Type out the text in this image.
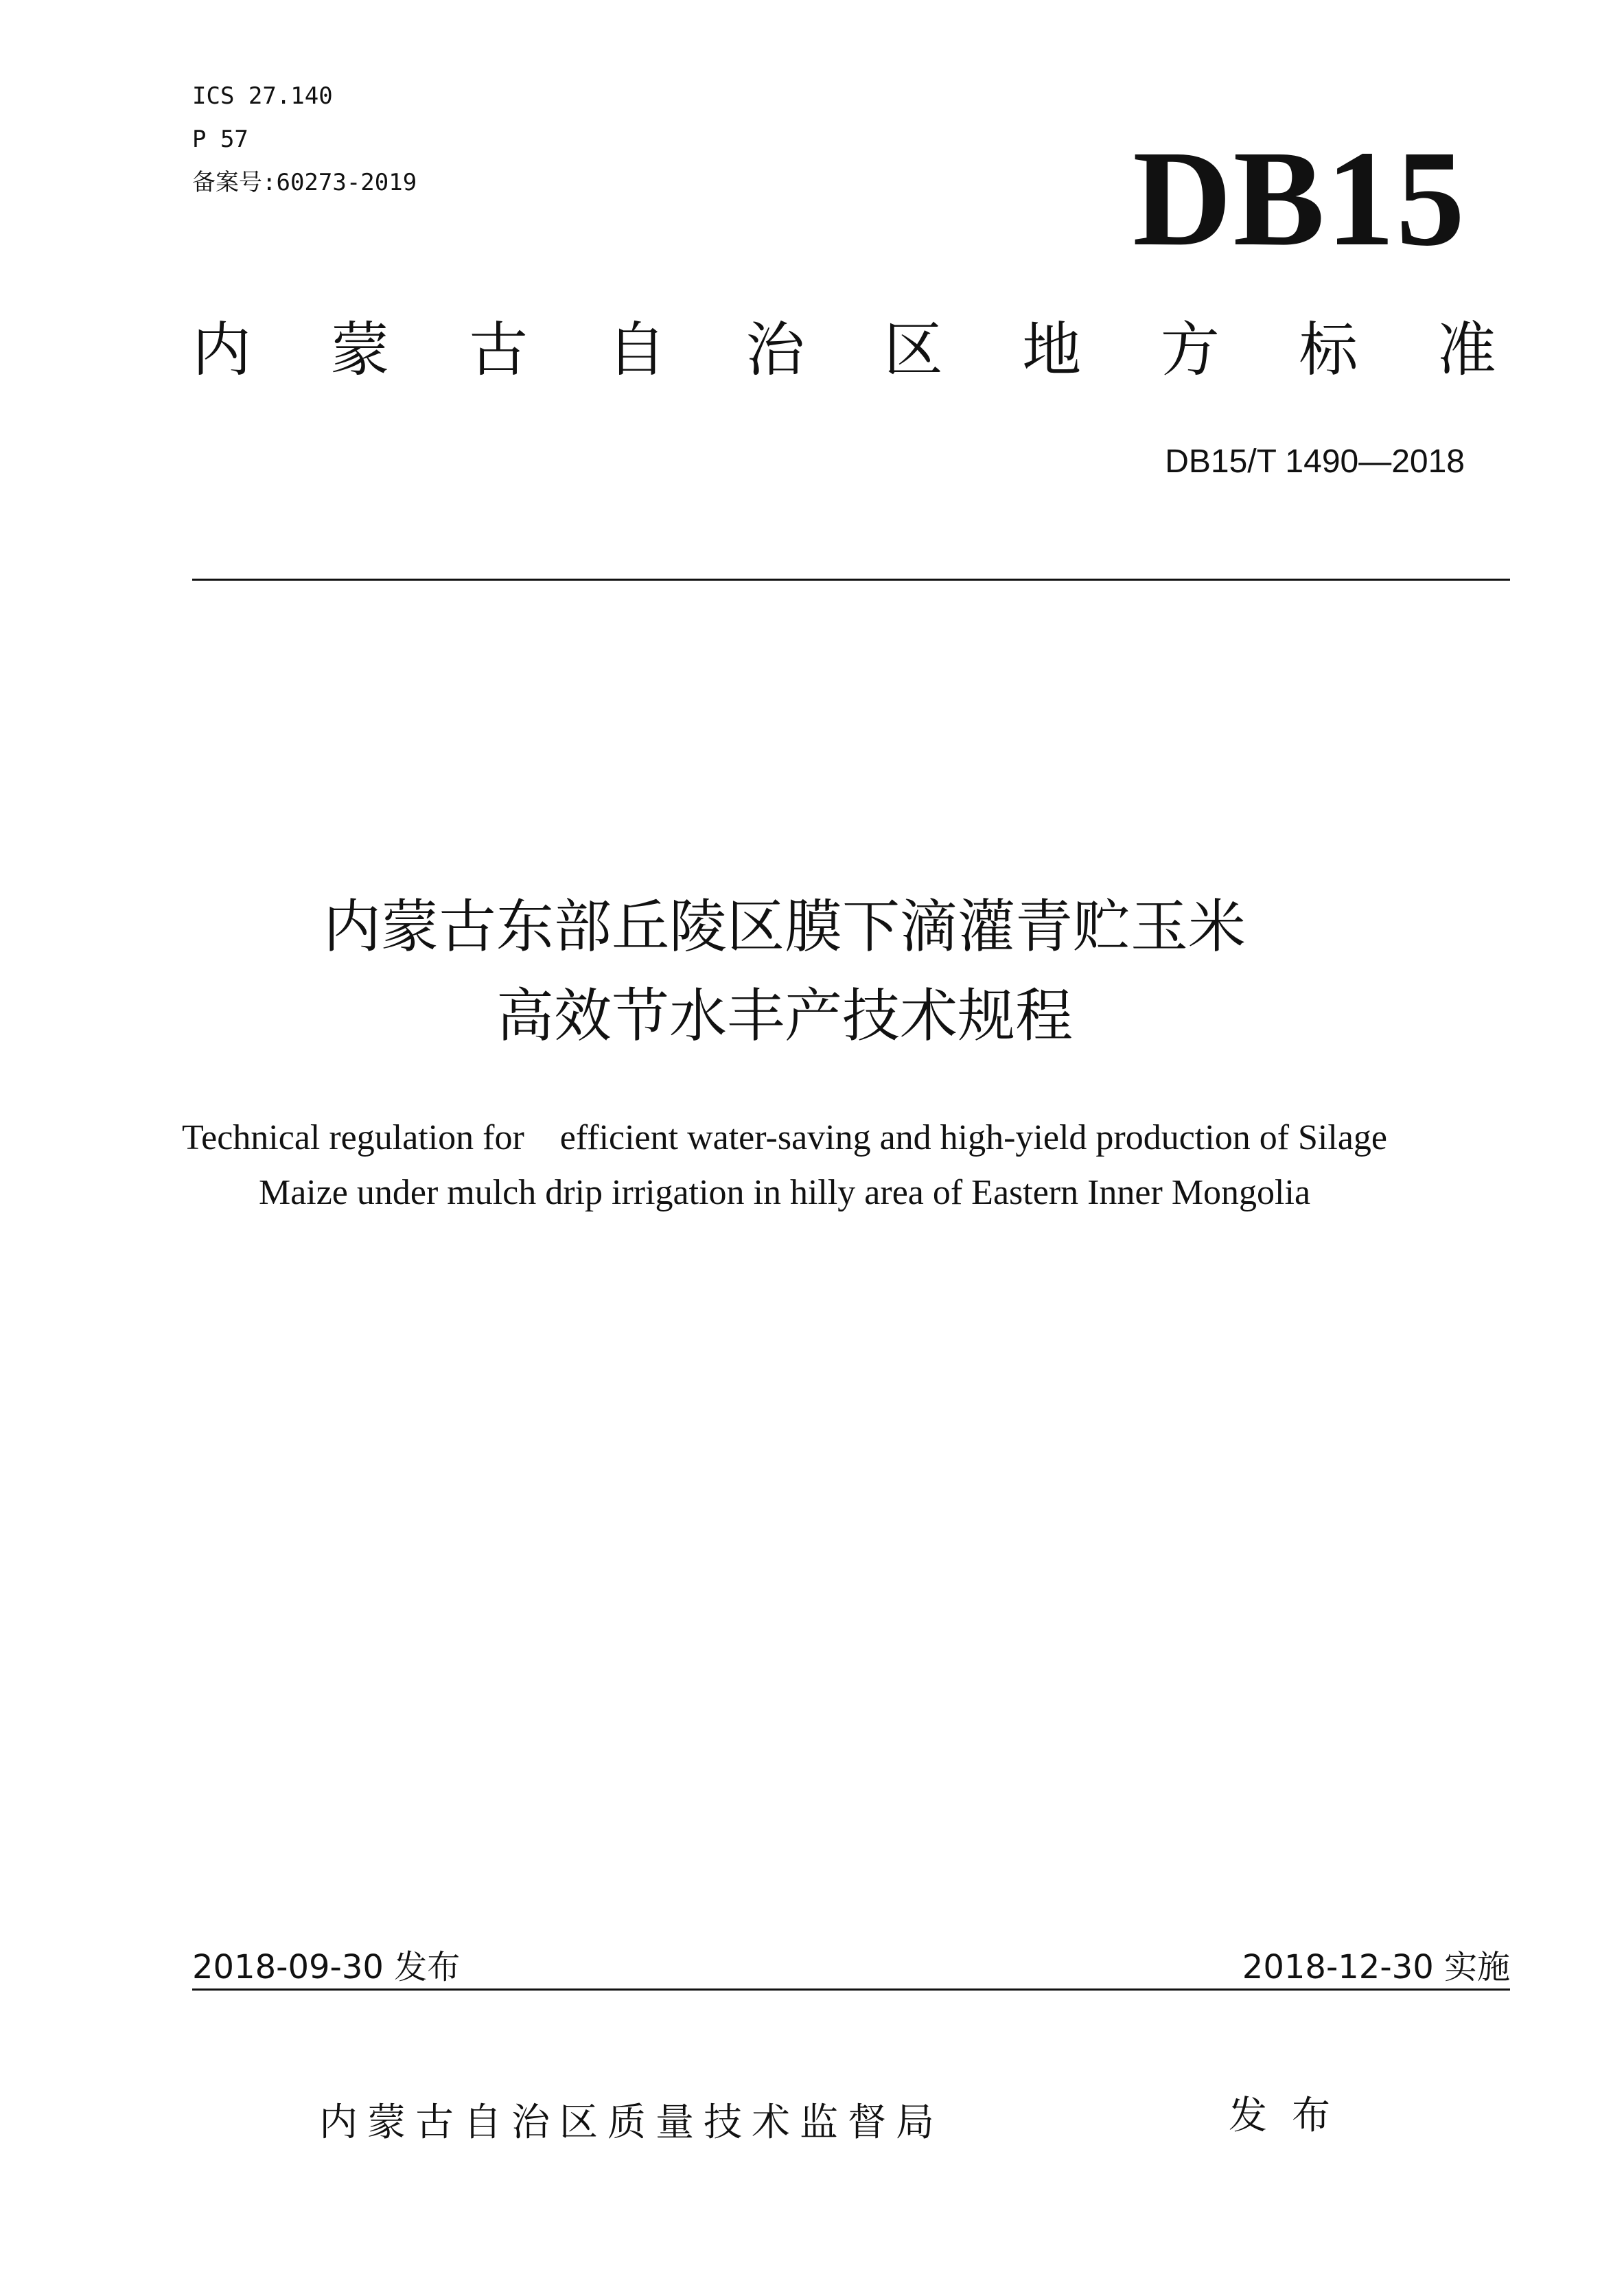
ICS 27.140
P 57
备案号:60273-2019	DB15
内 蒙 古 自 治 区 地 方 标 准
DB15/T 1490—2018
内蒙古东部丘陵区膜下滴灌青贮玉米
高效节水丰产技术规程
Technical regulation for    efficient water-saving and high-yield production of Silage
Maize under mulch drip irrigation in hilly area of Eastern Inner Mongolia
2018-09-30 发布	2018-12-30 实施
内蒙古自治区质量技术监督局	发布
